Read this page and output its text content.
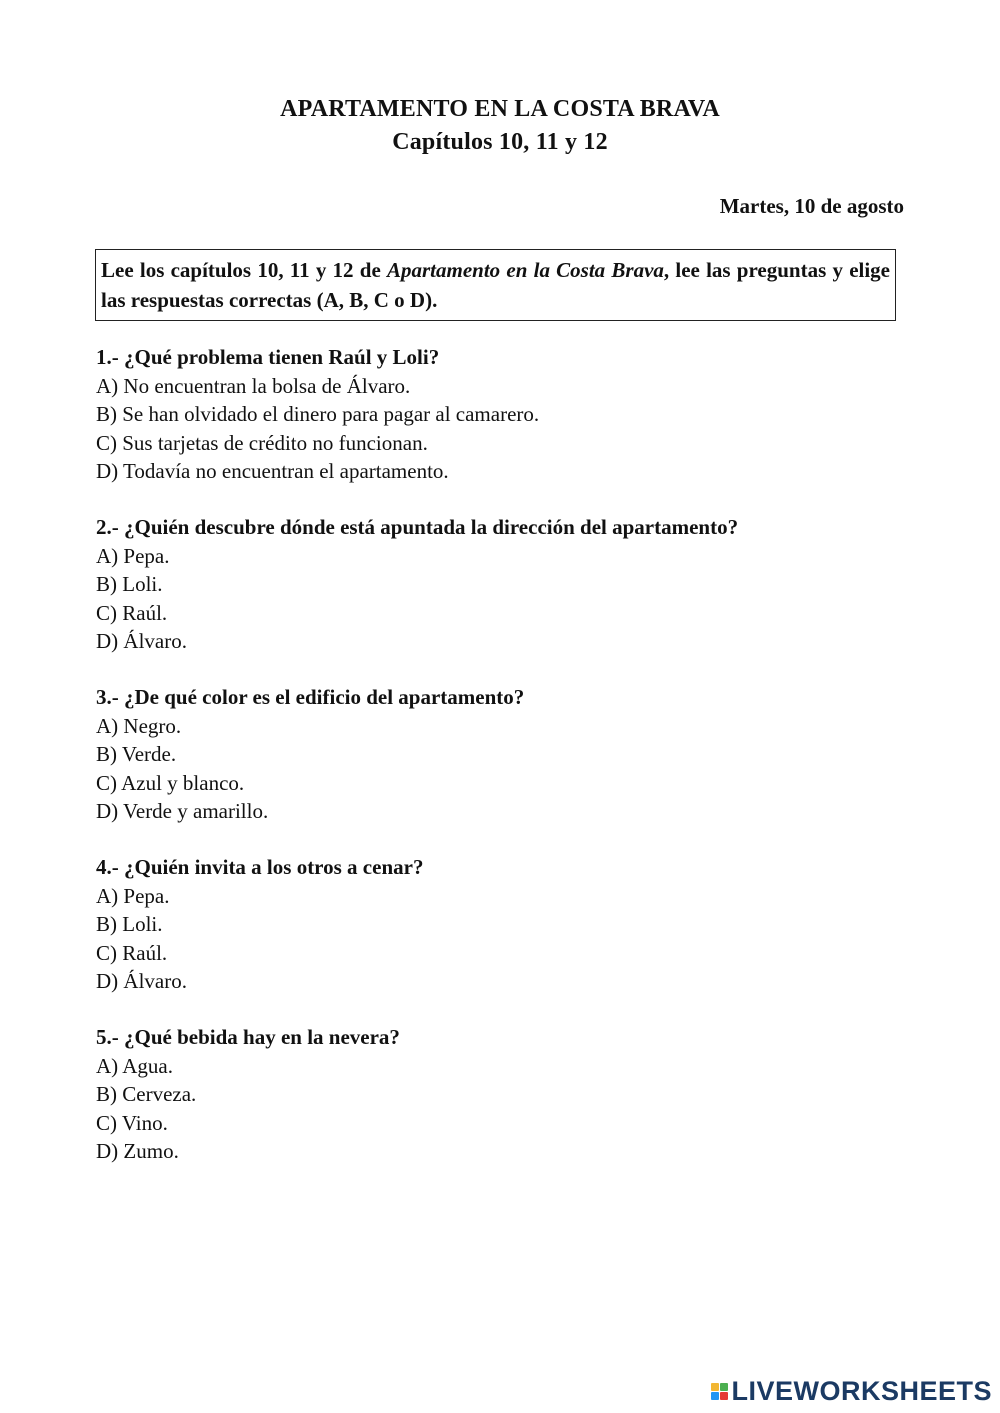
APARTAMENTO EN LA COSTA BRAVA
Capítulos 10, 11 y 12
Martes, 10 de agosto
Lee los capítulos 10, 11 y 12 de Apartamento en la Costa Brava, lee las preguntas y elige las respuestas correctas (A, B, C o D).
1.- ¿Qué problema tienen Raúl y Loli?
A) No encuentran la bolsa de Álvaro.
B) Se han olvidado el dinero para pagar al camarero.
C) Sus tarjetas de crédito no funcionan.
D) Todavía no encuentran el apartamento.
2.- ¿Quién descubre dónde está apuntada la dirección del apartamento?
A) Pepa.
B) Loli.
C) Raúl.
D) Álvaro.
3.- ¿De qué color es el edificio del apartamento?
A) Negro.
B) Verde.
C) Azul y blanco.
D) Verde y amarillo.
4.- ¿Quién invita a los otros a cenar?
A) Pepa.
B) Loli.
C) Raúl.
D) Álvaro.
5.- ¿Qué bebida hay en la nevera?
A) Agua.
B) Cerveza.
C) Vino.
D) Zumo.
LIVEWORKSHEETS
